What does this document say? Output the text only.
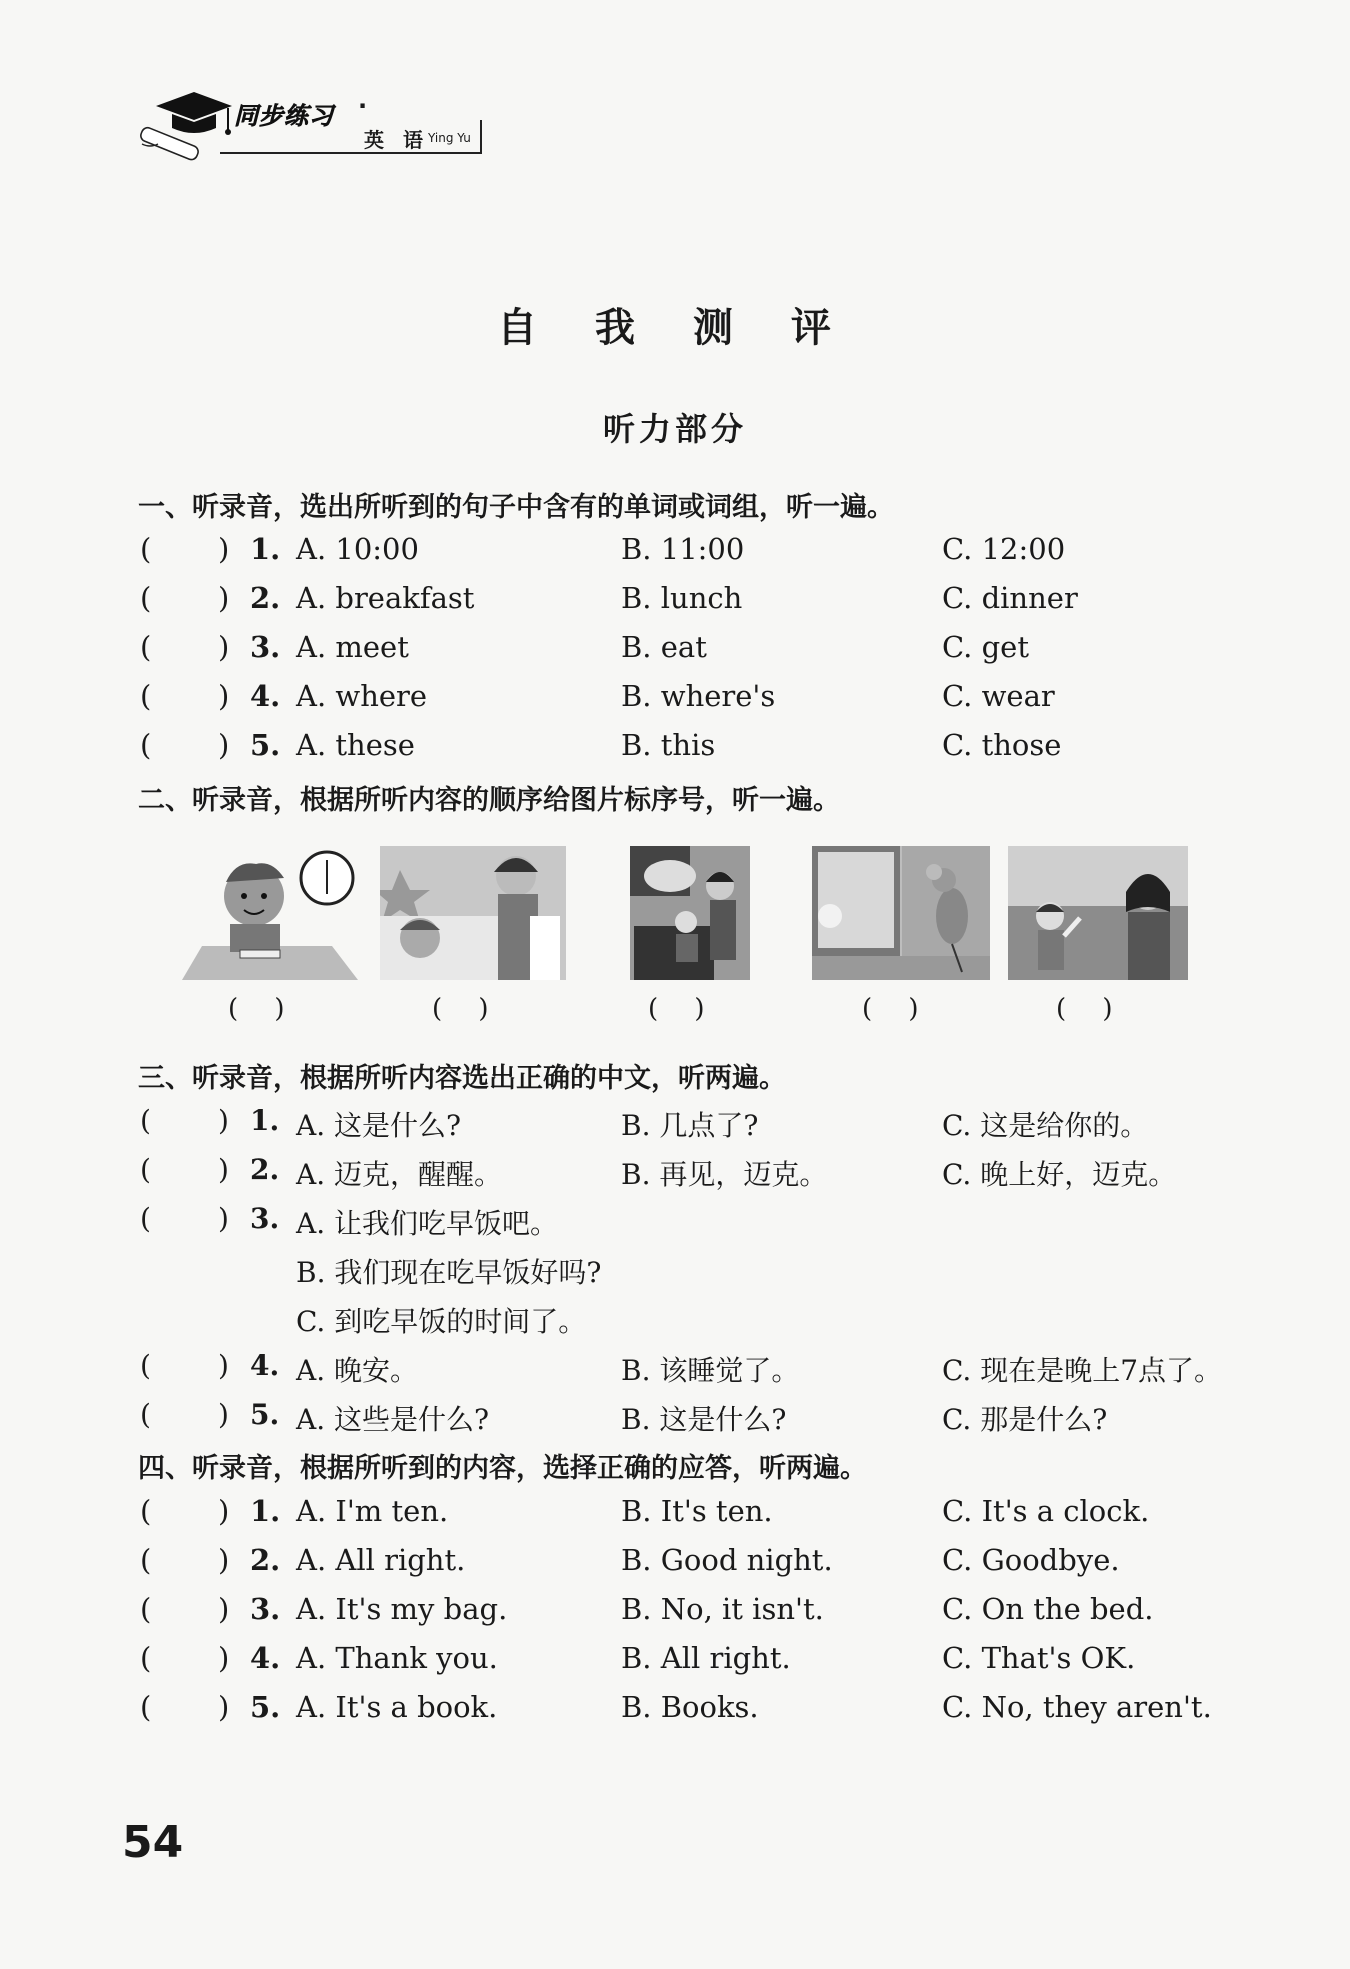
同步练习 ·
英 语 Ying Yu
自 我 测 评
听力部分
一、听录音，选出所听到的句子中含有的单词或词组，听一遍。
( ) 1. A. 10:00	B. 11:00	C. 12:00
( ) 2. A. breakfast	B. lunch	C. dinner
( ) 3. A. meet	B. eat	C. get
( ) 4. A. where	B. where's	C. wear
( ) 5. A. these	B. this	C. those
二、听录音，根据所听内容的顺序给图片标序号，听一遍。
( )	( )	( )	( )	( )
三、听录音，根据所听内容选出正确的中文，听两遍。
( ) 1. A. 这是什么?	B. 几点了?	C. 这是给你的。
( ) 2. A. 迈克，醒醒。	B. 再见，迈克。	C. 晚上好，迈克。
( ) 3. A. 让我们吃早饭吧。
B. 我们现在吃早饭好吗?
C. 到吃早饭的时间了。
( ) 4. A. 晚安。	B. 该睡觉了。	C. 现在是晚上7点了。
( ) 5. A. 这些是什么?	B. 这是什么?	C. 那是什么?
四、听录音，根据所听到的内容，选择正确的应答，听两遍。
( ) 1. A. I'm ten.	B. It's ten.	C. It's a clock.
( ) 2. A. All right.	B. Good night.	C. Goodbye.
( ) 3. A. It's my bag.	B. No, it isn't.	C. On the bed.
( ) 4. A. Thank you.	B. All right.	C. That's OK.
( ) 5. A. It's a book.	B. Books.	C. No, they aren't.
54
